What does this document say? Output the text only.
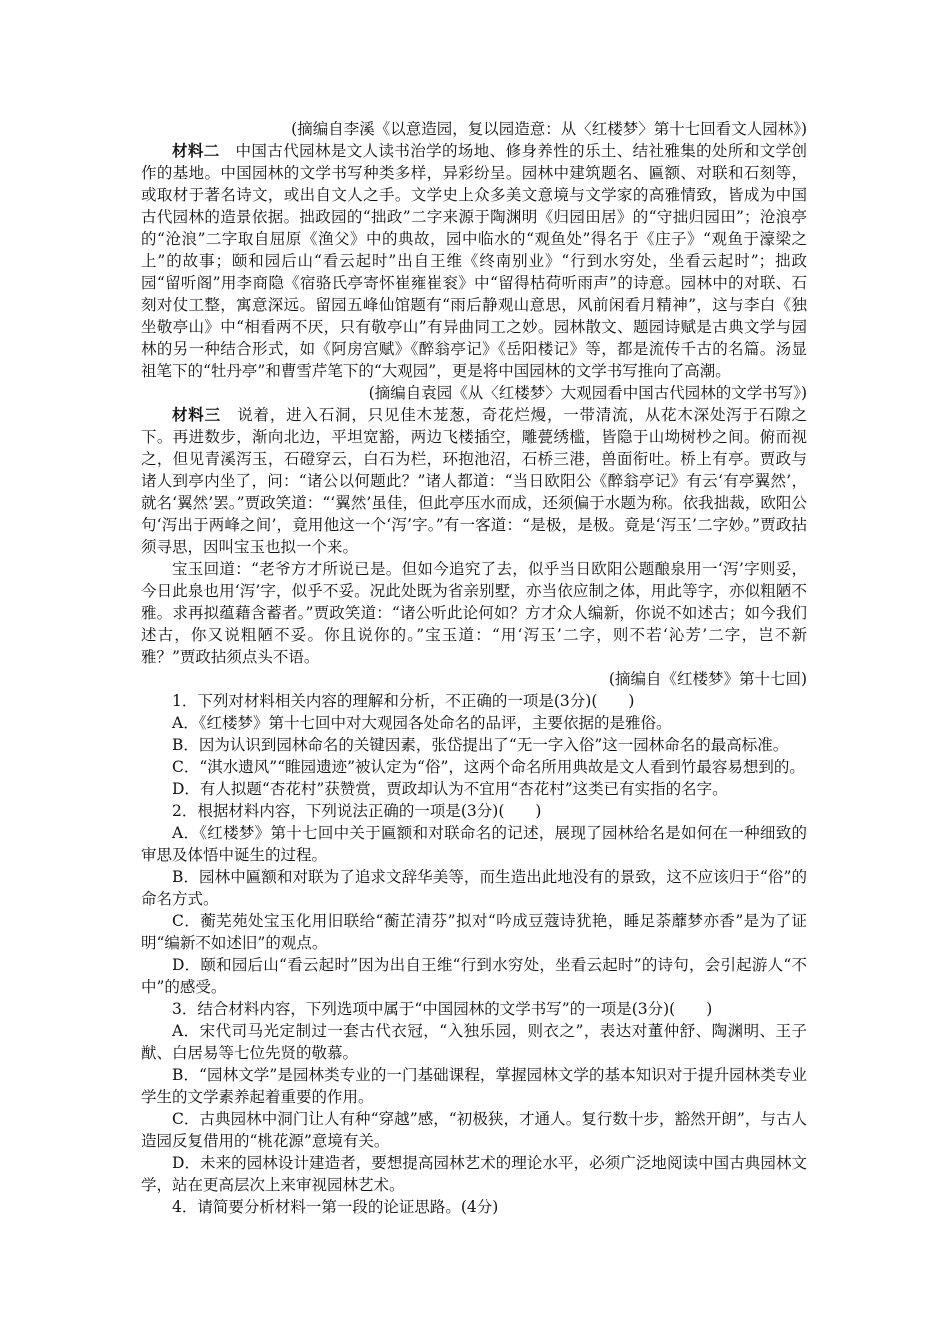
(摘编自李溪《以意造园，复以园造意：从〈红楼梦〉第十七回看文人园林》)

材料二　 中国古代园林是文人读书治学的场地、修身养性的乐土、结社雅集的处所和文学创作的基地。中国园林的文学书写种类多样，异彩纷呈。园林中建筑题名、匾额、对联和石刻等，或取材于著名诗文，或出自文人之手。文学史上众多美文意境与文学家的高雅情致，皆成为中国古代园林的造景依据。拙政园的“拙政”二字来源于陶渊明《归园田居》的“守拙归园田”；沧浪亭的“沧浪”二字取自屈原《渔父》中的典故，园中临水的“观鱼处”得名于《庄子》“观鱼于濠梁之上”的故事；颐和园后山“看云起时”出自王维《终南别业》“行到水穷处，坐看云起时”；拙政园“留听阁”用李商隐《宿骆氏亭寄怀崔雍崔衮》中“留得枯荷听雨声”的诗意。园林中的对联、石刻对仗工整，寓意深远。留园五峰仙馆题有“雨后静观山意思，风前闲看月精神”，这与李白《独坐敬亭山》中“相看两不厌，只有敬亭山”有异曲同工之妙。园林散文、题园诗赋是古典文学与园林的另一种结合形式，如《阿房宫赋》《醉翁亭记》《岳阳楼记》等，都是流传千古的名篇。汤显祖笔下的“牡丹亭”和曹雪芹笔下的“大观园”，更是将中国园林的文学书写推向了高潮。

(摘编自袁园《从〈红楼梦〉大观园看中国古代园林的文学书写》)

材料三　 说着，进入石洞，只见佳木茏葱，奇花烂熳，一带清流，从花木深处泻于石隙之下。再进数步，渐向北边，平坦宽豁，两边飞楼插空，雕甍绣槛，皆隐于山坳树杪之间。俯而视之，但见青溪泻玉，石磴穿云，白石为栏，环抱池沼，石桥三港，兽面衔吐。桥上有亭。贾政与诸人到亭内坐了，问：“诸公以何题此？”诸人都道：“当日欧阳公《醉翁亭记》有云‘有亭翼然’，就名‘翼然’罢。”贾政笑道：“‘翼然’虽佳，但此亭压水而成，还须偏于水题为称。依我拙裁，欧阳公句‘泻出于两峰之间’，竟用他这一个‘泻’字。”有一客道：“是极，是极。竟是‘泻玉’二字妙。”贾政拈须寻思，因叫宝玉也拟一个来。

宝玉回道：“老爷方才所说已是。但如今追究了去，似乎当日欧阳公题酿泉用一‘泻’字则妥，今日此泉也用‘泻’字，似乎不妥。况此处既为省亲别墅，亦当依应制之体，用此等字，亦似粗陋不雅。求再拟蕴藉含蓄者。”贾政笑道：“诸公听此论何如？方才众人编新，你说不如述古；如今我们述古，你又说粗陋不妥。你且说你的。”宝玉道：“用‘泻玉’二字，则不若‘沁芳’二字，岂不新雅？”贾政拈须点头不语。

(摘编自《红楼梦》第十七回)

1．下列对材料相关内容的理解和分析，不正确的一项是(3分)(　　)

A．《红楼梦》第十七回中对大观园各处命名的品评，主要依据的是雅俗。

B．因为认识到园林命名的关键因素，张岱提出了“无一字入俗”这一园林命名的最高标准。

C．“淇水遗风”“睢园遗迹”被认定为“俗”，这两个命名所用典故是文人看到竹最容易想到的。

D．有人拟题“杏花村”获赞赏，贾政却认为不宜用“杏花村”这类已有实指的名字。

2．根据材料内容，下列说法正确的一项是(3分)(　　)

A．《红楼梦》第十七回中关于匾额和对联命名的记述，展现了园林给名是如何在一种细致的审思及体悟中诞生的过程。

B．园林中匾额和对联为了追求文辞华美等，而生造出此地没有的景致，这不应该归于“俗”的命名方式。

C．蘅芜苑处宝玉化用旧联给“蘅芷清芬”拟对“吟成豆蔻诗犹艳，睡足荼蘼梦亦香”是为了证明“编新不如述旧”的观点。

D．颐和园后山“看云起时”因为出自王维“行到水穷处，坐看云起时”的诗句，会引起游人“不中”的感受。

3．结合材料内容，下列选项中属于“中国园林的文学书写”的一项是(3分)(　　)

A．宋代司马光定制过一套古代衣冠，“入独乐园，则衣之”，表达对董仲舒、陶渊明、王子猷、白居易等七位先贤的敬慕。

B．“园林文学”是园林类专业的一门基础课程，掌握园林文学的基本知识对于提升园林类专业学生的文学素养起着重要的作用。

C．古典园林中洞门让人有种“穿越”感，“初极狭，才通人。复行数十步，豁然开朗”，与古人造园反复借用的“桃花源”意境有关。

D．未来的园林设计建造者，要想提高园林艺术的理论水平，必须广泛地阅读中国古典园林文学，站在更高层次上来审视园林艺术。

4．请简要分析材料一第一段的论证思路。(4分)
